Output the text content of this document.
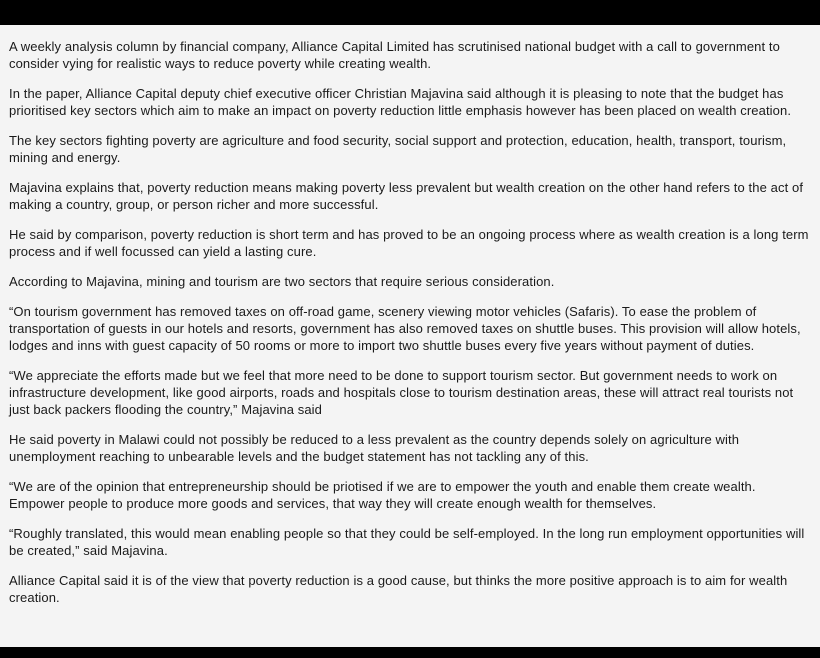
A weekly analysis column by financial company, Alliance Capital Limited has scrutinised national budget with a call to government to consider vying for realistic ways to reduce poverty while creating wealth.

In the paper, Alliance Capital deputy chief executive officer Christian Majavina said although it is pleasing to note that the budget has prioritised key sectors which aim to make an impact on poverty reduction little emphasis however has been placed on wealth creation.

The key sectors fighting poverty are agriculture and food security, social support and protection, education, health, transport, tourism, mining and energy.

Majavina explains that, poverty reduction means making poverty less prevalent but wealth creation on the other hand refers to the act of making a country, group, or person richer and more successful.

He said by comparison, poverty reduction is short term and has proved to be an ongoing process where as wealth creation is a long term process and if well focussed can yield a lasting cure.

According to Majavina, mining and tourism are two sectors that require serious consideration.

“On tourism government has removed taxes on off-road game, scenery viewing motor vehicles (Safaris). To ease the problem of transportation of guests in our hotels and resorts, government has also removed taxes on shuttle buses. This provision will allow hotels, lodges and inns with guest capacity of 50 rooms or more to import two shuttle buses every five years without payment of duties.

“We appreciate the efforts made but we feel that more need to be done to support tourism sector. But government needs to work on infrastructure development, like good airports, roads and hospitals close to tourism destination areas, these will attract real tourists not just back packers flooding the country,” Majavina said

He said poverty in Malawi could not possibly be reduced to a less prevalent as the country depends solely on agriculture with unemployment reaching to unbearable levels and the budget statement has not tackling any of this.

“We are of the opinion that entrepreneurship should be priotised if we are to empower the youth and enable them create wealth. Empower people to produce more goods and services, that way they will create enough wealth for themselves.

“Roughly translated, this would mean enabling people so that they could be self-employed. In the long run employment opportunities will be created,” said Majavina.

Alliance Capital said it is of the view that poverty reduction is a good cause, but thinks the more positive approach is to aim for wealth creation.
